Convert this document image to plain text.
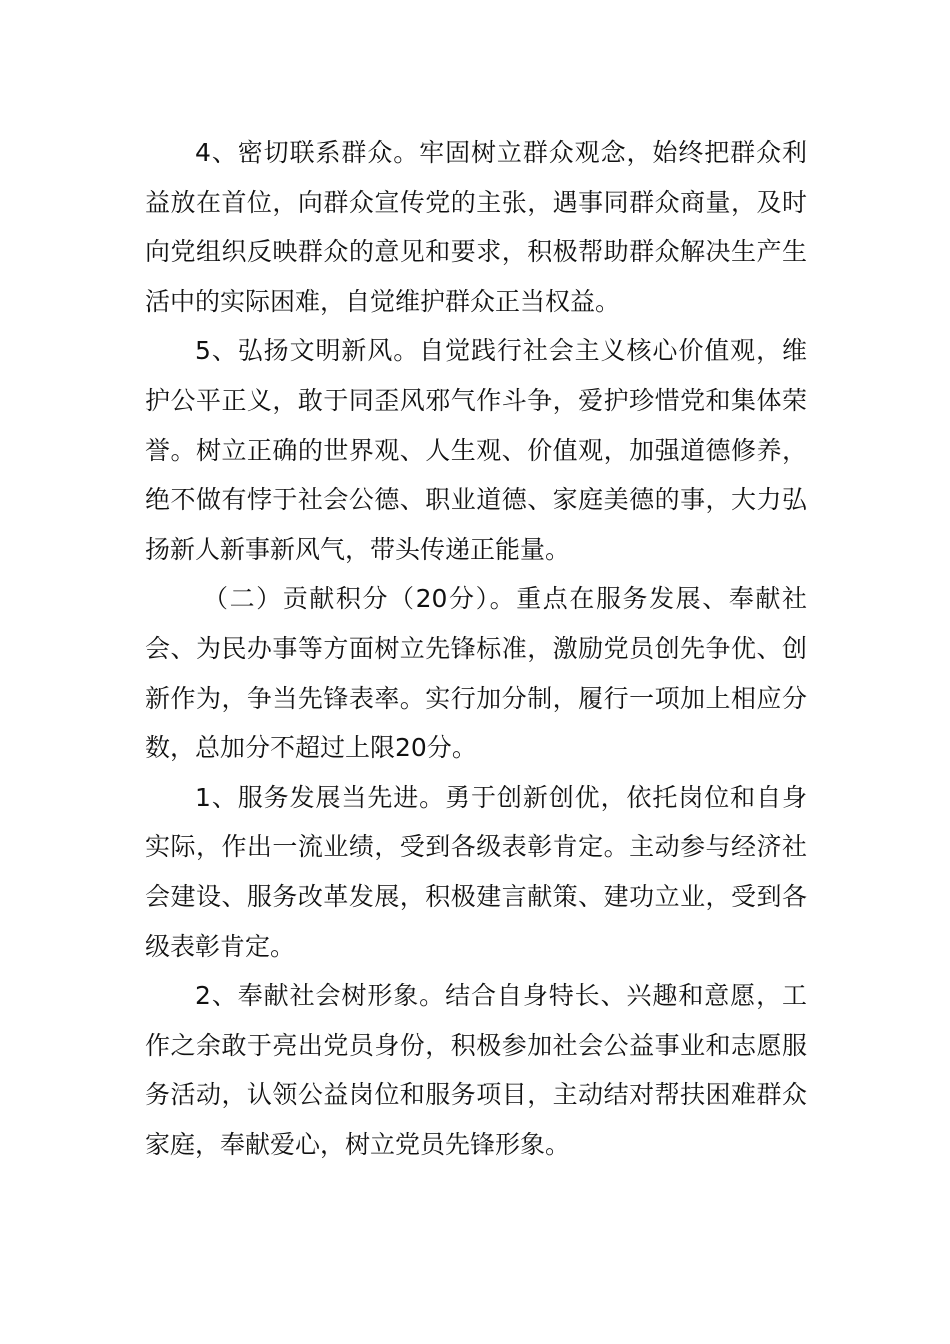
4、密切联系群众。牢固树立群众观念，始终把群众利益放在首位，向群众宣传党的主张，遇事同群众商量，及时向党组织反映群众的意见和要求，积极帮助群众解决生产生活中的实际困难，自觉维护群众正当权益。

5、弘扬文明新风。自觉践行社会主义核心价值观，维护公平正义，敢于同歪风邪气作斗争，爱护珍惜党和集体荣誉。树立正确的世界观、人生观、价值观，加强道德修养，绝不做有悖于社会公德、职业道德、家庭美德的事，大力弘扬新人新事新风气，带头传递正能量。

（二）贡献积分（20分）。重点在服务发展、奉献社会、为民办事等方面树立先锋标准，激励党员创先争优、创新作为，争当先锋表率。实行加分制，履行一项加上相应分数，总加分不超过上限20分。

1、服务发展当先进。勇于创新创优，依托岗位和自身实际，作出一流业绩，受到各级表彰肯定。主动参与经济社会建设、服务改革发展，积极建言献策、建功立业，受到各级表彰肯定。

2、奉献社会树形象。结合自身特长、兴趣和意愿，工作之余敢于亮出党员身份，积极参加社会公益事业和志愿服务活动，认领公益岗位和服务项目，主动结对帮扶困难群众家庭，奉献爱心，树立党员先锋形象。
